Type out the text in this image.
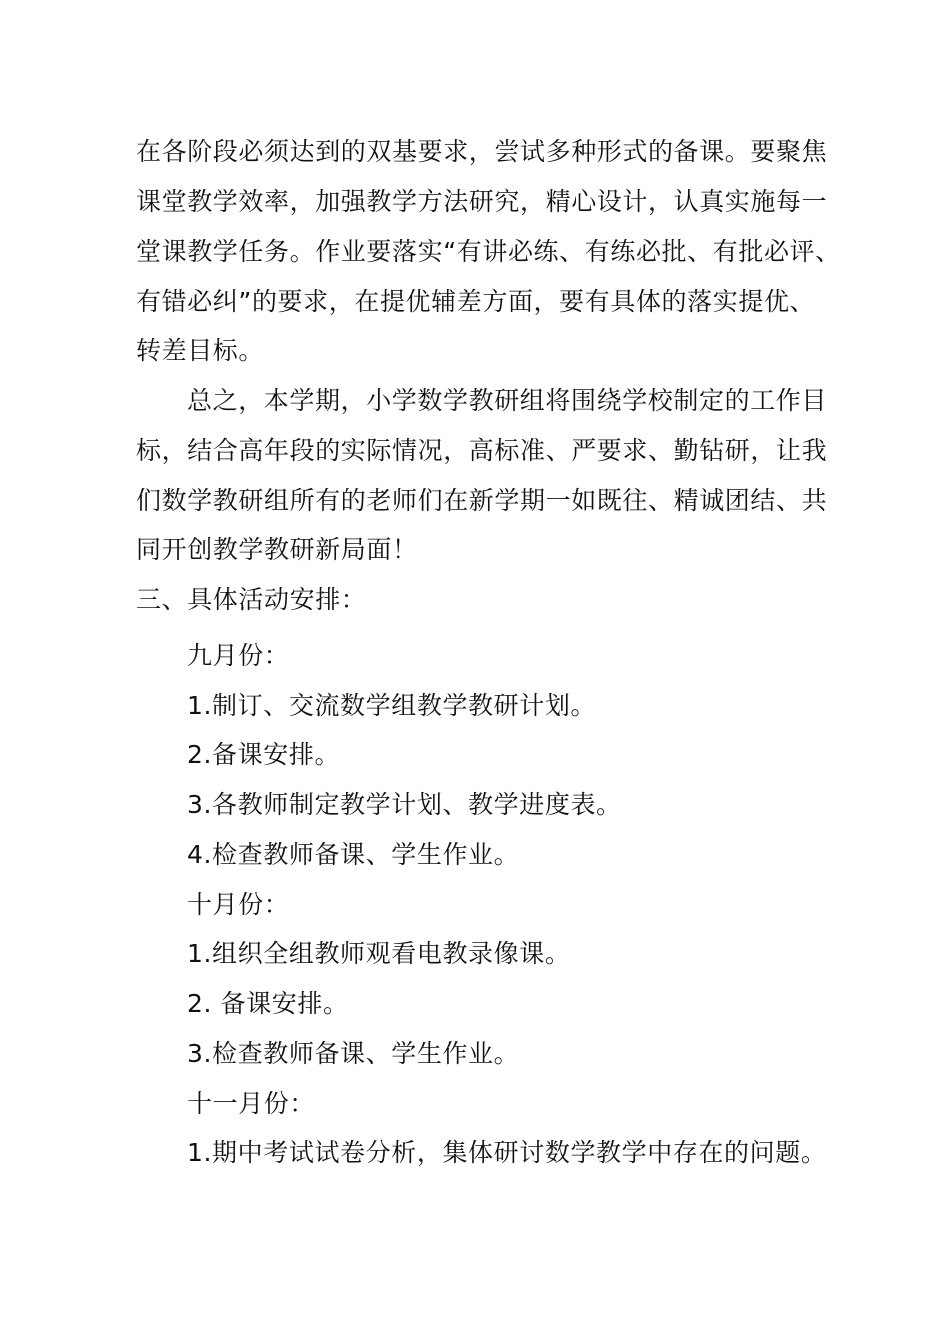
在各阶段必须达到的双基要求，尝试多种形式的备课。要聚焦
课堂教学效率，加强教学方法研究，精心设计，认真实施每一
堂课教学任务。作业要落实“有讲必练、有练必批、有批必评、
有错必纠”的要求，在提优辅差方面，要有具体的落实提优、
转差目标。
总之，本学期，小学数学教研组将围绕学校制定的工作目
标，结合高年段的实际情况，高标准、严要求、勤钻研，让我
们数学教研组所有的老师们在新学期一如既往、精诚团结、共
同开创教学教研新局面！
三、具体活动安排：
九月份：
1.制订、交流数学组教学教研计划。
2.备课安排。
3.各教师制定教学计划、教学进度表。
4.检查教师备课、学生作业。
十月份：
1.组织全组教师观看电教录像课。
2. 备课安排。
3.检查教师备课、学生作业。
十一月份：
1.期中考试试卷分析，集体研讨数学教学中存在的问题。
